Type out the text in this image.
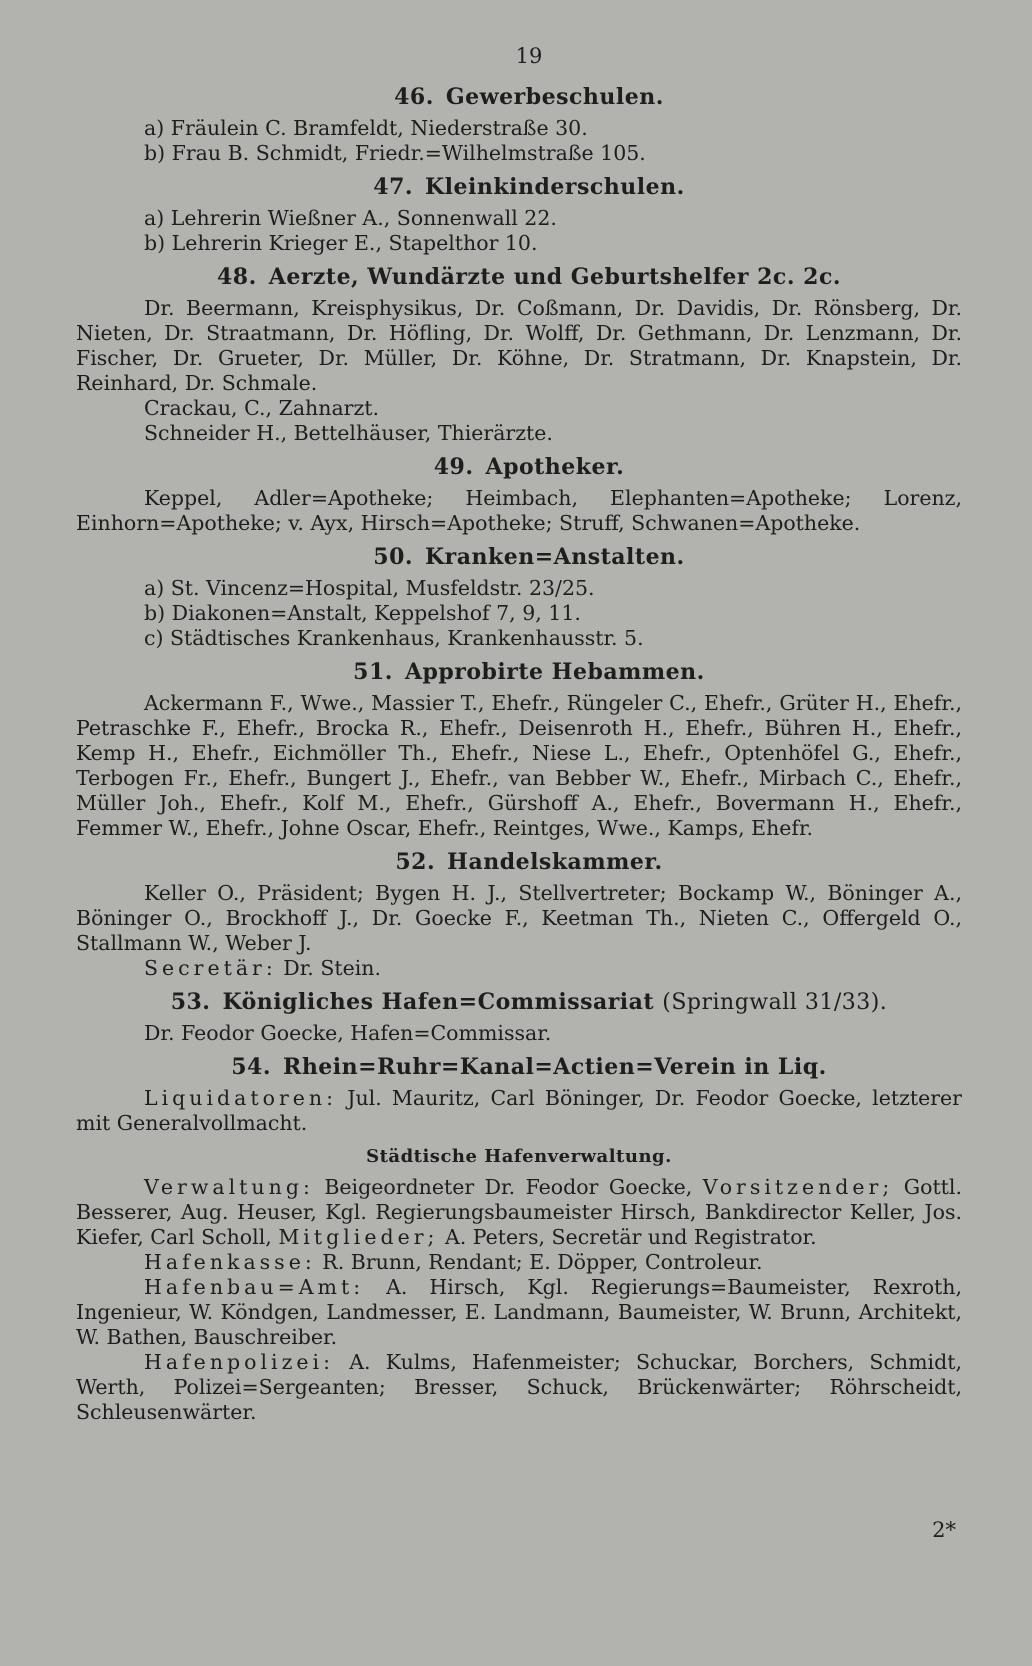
19
46. Gewerbeschulen.

a) Fräulein C. Bramfeldt, Niederstraße 30.

b) Frau B. Schmidt, Friedr.=Wilhelmstraße 105.

47. Kleinkinderschulen.

a) Lehrerin Wießner A., Sonnenwall 22.

b) Lehrerin Krieger E., Stapelthor 10.

48. Aerzte, Wundärzte und Geburtshelfer 2c. 2c.

Dr. Beermann, Kreisphysikus, Dr. Coßmann, Dr. Davidis, Dr. Rönsberg, Dr. Nieten, Dr. Straatmann, Dr. Höfling, Dr. Wolff, Dr. Gethmann, Dr. Lenzmann, Dr. Fischer, Dr. Grueter, Dr. Müller, Dr. Köhne, Dr. Stratmann, Dr. Knapstein, Dr. Reinhard, Dr. Schmale.

Crackau, C., Zahnarzt.

Schneider H., Bettelhäuser, Thierärzte.

49. Apotheker.

Keppel, Adler=Apotheke; Heimbach, Elephanten=Apotheke; Lorenz, Einhorn=Apotheke; v. Ayx, Hirsch=Apotheke; Struff, Schwanen=Apotheke.

50. Kranken=Anstalten.

a) St. Vincenz=Hospital, Musfeldstr. 23/25.

b) Diakonen=Anstalt, Keppelshof 7, 9, 11.

c) Städtisches Krankenhaus, Krankenhausstr. 5.

51. Approbirte Hebammen.

Ackermann F., Wwe., Massier T., Ehefr., Rüngeler C., Ehefr., Grüter H., Ehefr., Petraschke F., Ehefr., Brocka R., Ehefr., Deisenroth H., Ehefr., Bühren H., Ehefr., Kemp H., Ehefr., Eichmöller Th., Ehefr., Niese L., Ehefr., Optenhöfel G., Ehefr., Terbogen Fr., Ehefr., Bungert J., Ehefr., van Bebber W., Ehefr., Mirbach C., Ehefr., Müller Joh., Ehefr., Kolf M., Ehefr., Gürshoff A., Ehefr., Bovermann H., Ehefr., Femmer W., Ehefr., Johne Oscar, Ehefr., Reintges, Wwe., Kamps, Ehefr.

52. Handelskammer.

Keller O., Präsident; Bygen H. J., Stellvertreter; Bockamp W., Böninger A., Böninger O., Brockhoff J., Dr. Goecke F., Keetman Th., Nieten C., Offergeld O., Stallmann W., Weber J.

Secretär: Dr. Stein.

53. Königliches Hafen=Commissariat (Springwall 31/33).

Dr. Feodor Goecke, Hafen=Commissar.

54. Rhein=Ruhr=Kanal=Actien=Verein in Liq.

Liquidatoren: Jul. Mauritz, Carl Böninger, Dr. Feodor Goecke, letzterer mit Generalvollmacht.

Städtische Hafenverwaltung.

Verwaltung: Beigeordneter Dr. Feodor Goecke, Vorsitzender; Gottl. Besserer, Aug. Heuser, Kgl. Regierungsbaumeister Hirsch, Bankdirector Keller, Jos. Kiefer, Carl Scholl, Mitglieder; A. Peters, Secretär und Registrator.

Hafenkasse: R. Brunn, Rendant; E. Döpper, Controleur.

Hafenbau=Amt: A. Hirsch, Kgl. Regierungs=Baumeister, Rexroth, Ingenieur, W. Köndgen, Landmesser, E. Landmann, Baumeister, W. Brunn, Architekt, W. Bathen, Bauschreiber.

Hafenpolizei: A. Kulms, Hafenmeister; Schuckar, Borchers, Schmidt, Werth, Polizei=Sergeanten; Bresser, Schuck, Brückenwärter; Röhrscheidt, Schleusenwärter.

2*
